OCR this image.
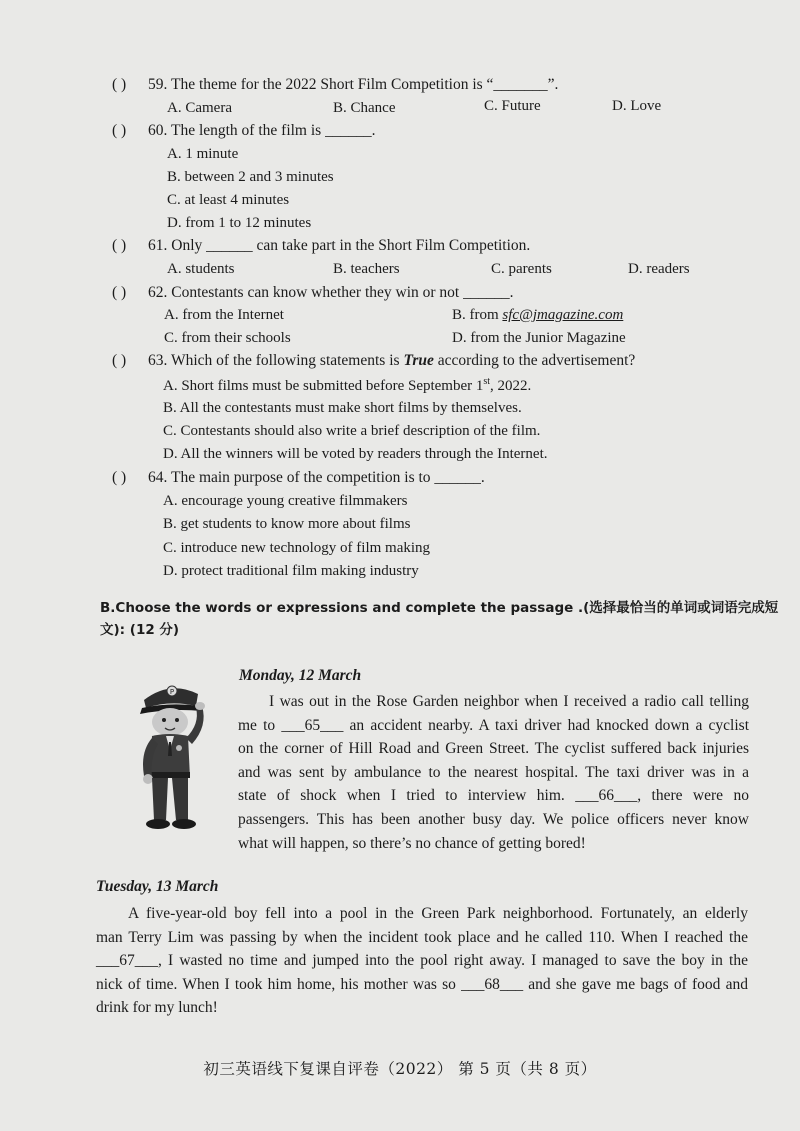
( ) 59. The theme for the 2022 Short Film Competition is “_______”.
A. Camera	B. Chance	C. Future	D. Love
( ) 60. The length of the film is ______.
A. 1 minute
B. between 2 and 3 minutes
C. at least 4 minutes
D. from 1 to 12 minutes
( ) 61. Only ______ can take part in the Short Film Competition.
A. students	B. teachers	C. parents	D. readers
( ) 62. Contestants can know whether they win or not ______.
A. from the Internet	B. from sfc@jmagazine.com
C. from their schools	D. from the Junior Magazine
( ) 63. Which of the following statements is True according to the advertisement?
A. Short films must be submitted before September 1st, 2022.
B. All the contestants must make short films by themselves.
C. Contestants should also write a brief description of the film.
D. All the winners will be voted by readers through the Internet.
( ) 64. The main purpose of the competition is to ______.
A. encourage young creative filmmakers
B. get students to know more about films
C. introduce new technology of film making
D. protect traditional film making industry
B.Choose the words or expressions and complete the passage .(选择最恰当的单词或词语完成短
文): (12 分)
P
Monday, 12 March
I was out in the Rose Garden neighbor when I received a radio call telling
me to ___65___ an accident nearby. A taxi driver had knocked down a cyclist
on the corner of Hill Road and Green Street. The cyclist suffered back injuries
and was sent by ambulance to the nearest hospital. The taxi driver was in a
state of shock when I tried to interview him. ___66___, there were no
passengers. This has been another busy day. We police officers never know
what will happen, so there’s no chance of getting bored!
Tuesday, 13 March
A five-year-old boy fell into a pool in the Green Park neighborhood. Fortunately, an elderly
man Terry Lim was passing by when the incident took place and he called 110. When I reached the
___67___, I wasted no time and jumped into the pool right away. I managed to save the boy in the
nick of time. When I took him home, his mother was so ___68___ and she gave me bags of food and
drink for my lunch!
初三英语线下复课自评卷（2022） 第 5 页（共 8 页）
